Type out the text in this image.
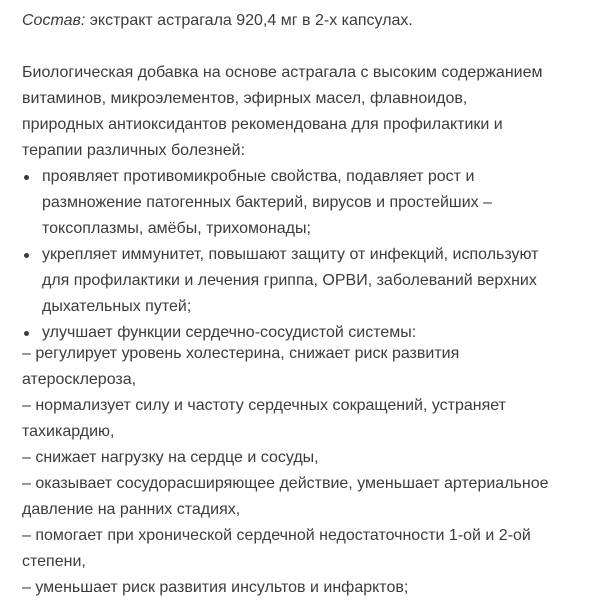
Состав: экстракт астрагала 920,4 мг в 2-х капсулах.

Биологическая добавка на основе астрагала с высоким содержанием
витаминов, микроэлементов, эфирных масел, флавноидов,
природных антиоксидантов рекомендована для профилактики и
терапии различных болезней:

проявляет противомикробные свойства, подавляет рост и
размножение патогенных бактерий, вирусов и простейших –
токсоплазмы, амёбы, трихомонады;
укрепляет иммунитет, повышают защиту от инфекций, используют
для профилактики и лечения гриппа, ОРВИ, заболеваний верхних
дыхательных путей;
улучшает функции сердечно-сосудистой системы:
– регулирует уровень холестерина, снижает риск развития
атеросклероза,
– нормализует силу и частоту сердечных сокращений, устраняет
тахикардию,
– снижает нагрузку на сердце и сосуды,
– оказывает сосудорасширяющее действие, уменьшает артериальное
давление на ранних стадиях,
– помогает при хронической сердечной недостаточности 1-ой и 2-ой
степени,
– уменьшает риск развития инсультов и инфарктов;
